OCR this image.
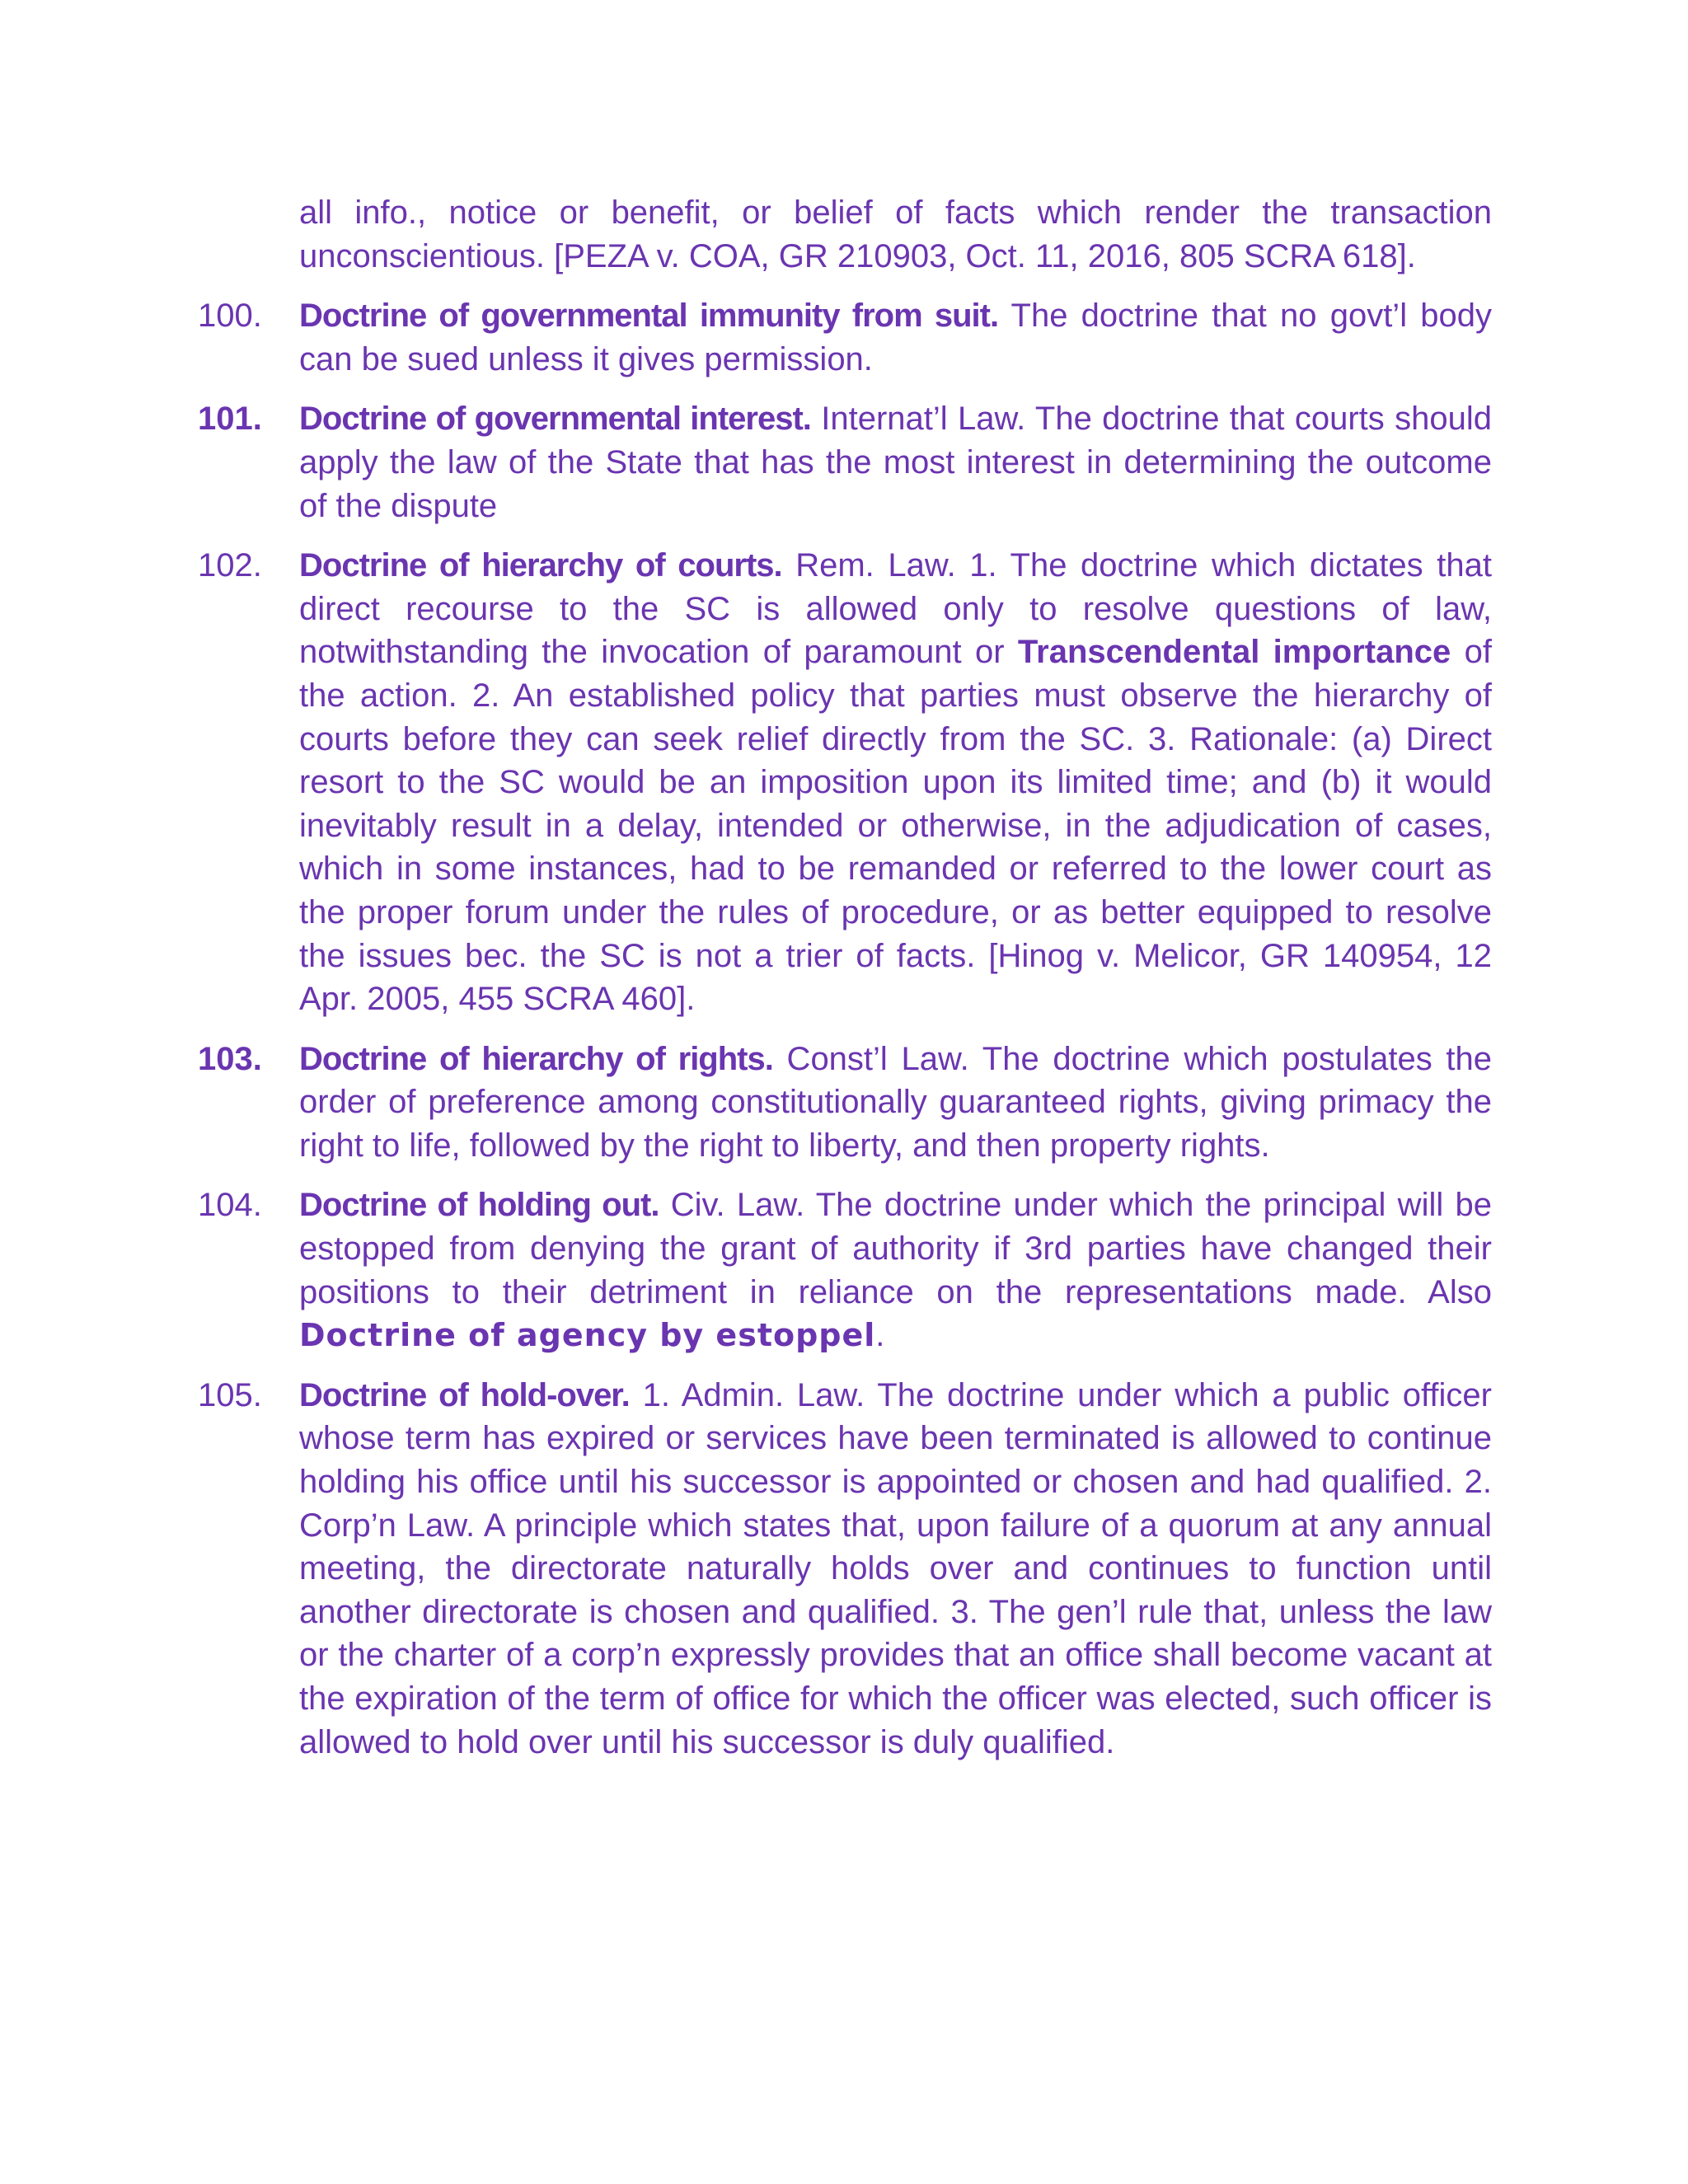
all info., notice or benefit, or belief of facts which render the transaction unconscientious. [PEZA v. COA, GR 210903, Oct. 11, 2016, 805 SCRA 618].
100.	Doctrine of governmental immunity from suit. The doctrine that no govt’l body can be sued unless it gives permission.
101.	Doctrine of governmental interest. Internat’l Law. The doctrine that courts should apply the law of the State that has the most interest in determining the outcome of the dispute
102.	Doctrine of hierarchy of courts. Rem. Law. 1. The doctrine which dictates that direct recourse to the SC is allowed only to resolve questions of law, notwithstanding the invocation of paramount or Transcendental importance of the action. 2. An established policy that parties must observe the hierarchy of courts before they can seek relief directly from the SC. 3. Rationale: (a) Direct resort to the SC would be an imposition upon its limited time; and (b) it would inevitably result in a delay, intended or otherwise, in the adjudication of cases, which in some instances, had to be remanded or referred to the lower court as the proper forum under the rules of procedure, or as better equipped to resolve the issues bec. the SC is not a trier of facts. [Hinog v. Melicor, GR 140954, 12 Apr. 2005, 455 SCRA 460].
103.	Doctrine of hierarchy of rights. Const’l Law. The doctrine which postulates the order of preference among constitutionally guaranteed rights, giving primacy the right to life, followed by the right to liberty, and then property rights.
104.	Doctrine of holding out. Civ. Law. The doctrine under which the principal will be estopped from denying the grant of authority if 3rd parties have changed their positions to their detriment in reliance on the representations made. Also Doctrine of agency by estoppel.
105.	Doctrine of hold-over. 1. Admin. Law. The doctrine under which a public officer whose term has expired or services have been terminated is allowed to continue holding his office until his successor is appointed or chosen and had qualified. 2. Corp’n Law. A principle which states that, upon failure of a quorum at any annual meeting, the directorate naturally holds over and continues to function until another directorate is chosen and qualified. 3. The gen’l rule that, unless the law or the charter of a corp’n expressly provides that an office shall become vacant at the expiration of the term of office for which the officer was elected, such officer is allowed to hold over until his successor is duly qualified.
